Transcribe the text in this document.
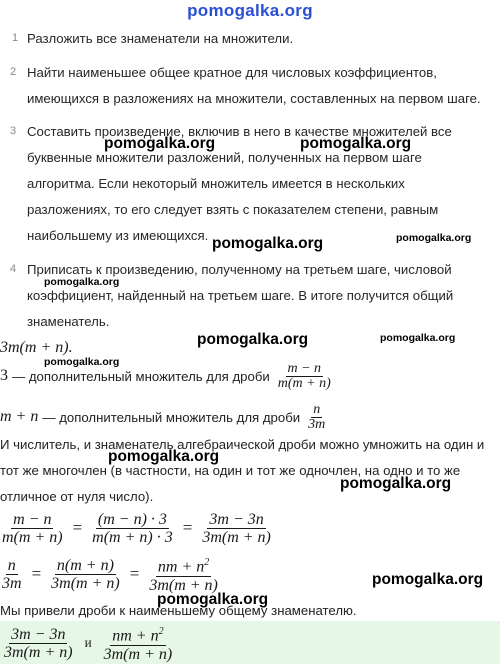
pomogalka.org
1 Разложить все знаменатели на множители.
2 Найти наименьшее общее кратное для числовых коэффициентов,
имеющихся в разложениях на множители, составленных на первом шаге.
3 Составить произведение, включив в него в качестве множителей все
буквенные множители разложений, полученных на первом шаге
алгоритма. Если некоторый множитель имеется в нескольких
разложениях, то его следует взять с показателем степени, равным
наибольшему из имеющихся.
4 Приписать к произведению, полученному на третьем шаге, числовой
коэффициент, найденный на третьем шаге. В итоге получится общий
знаменатель.
pomogalka.org	pomogalka.org
pomogalka.org	pomogalka.org
pomogalka.org
pomogalka.org	pomogalka.org
pomogalka.org
pomogalka.org
pomogalka.org
pomogalka.org
pomogalka.org
3m(m + n).
3 — дополнительный множитель для дроби $\frac{m - n}{m(m + n)}$
m + n — дополнительный множитель для дроби $\frac{n}{3m}$
И числитель, и знаменатель алгебраической дроби можно умножить на один и
тот же многочлен (в частности, на один и тот же одночлен, на одно и то же
отличное от нуля число).
$\frac{m - n}{m(m + n)} = \frac{(m - n) \cdot 3}{m(m + n) \cdot 3} = \frac{3m - 3n}{3m(m + n)}$
$\frac{n}{3m} = \frac{n(m + n)}{3m(m + n)} = \frac{nm + n^2}{3m(m + n)}$
Мы привели дроби к наименьшему общему знаменателю.
$\frac{3m - 3n}{3m(m + n)}$ и $\frac{nm + n^2}{3m(m + n)}$
